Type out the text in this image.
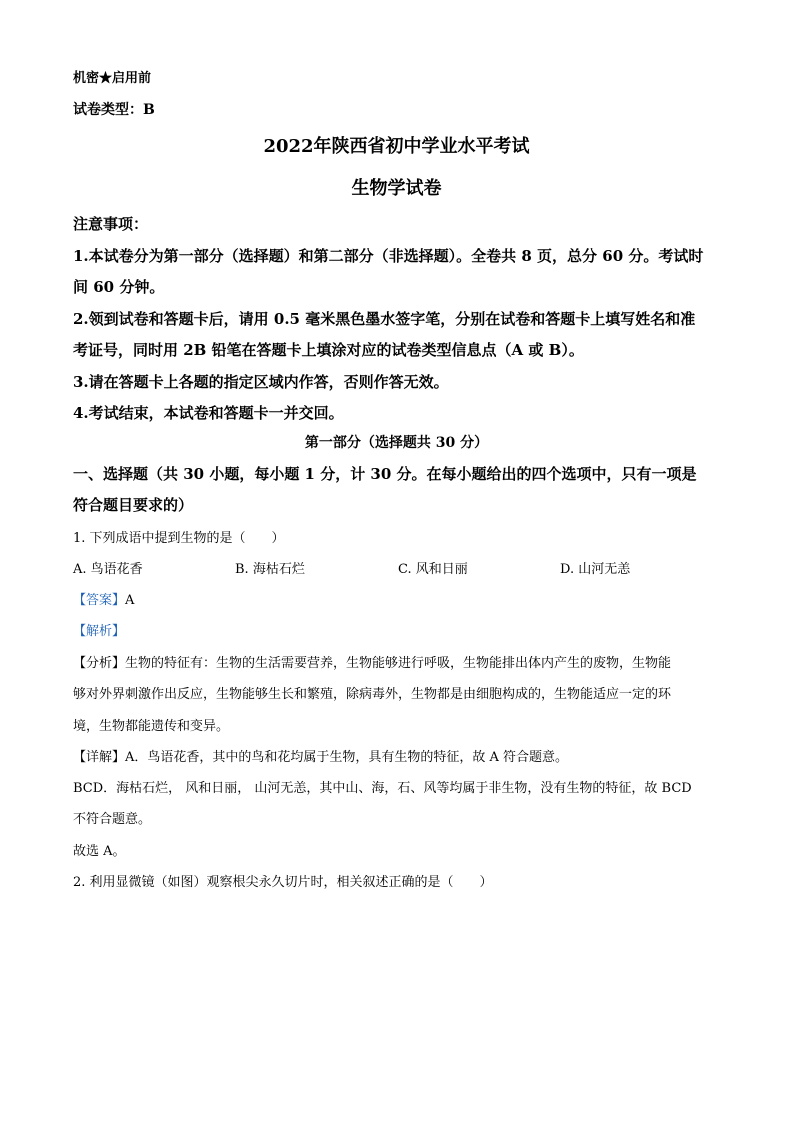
机密★启用前
试卷类型：B
2022年陕西省初中学业水平考试
生物学试卷
注意事项：
1.本试卷分为第一部分（选择题）和第二部分（非选择题）。全卷共 8 页，总分 60 分。考试时
间 60 分钟。
2.领到试卷和答题卡后，请用 0.5 毫米黑色墨水签字笔，分别在试卷和答题卡上填写姓名和准
考证号，同时用 2B 铅笔在答题卡上填涂对应的试卷类型信息点（A 或 B）。
3.请在答题卡上各题的指定区域内作答，否则作答无效。
4.考试结束，本试卷和答题卡一并交回。
第一部分（选择题共 30 分）
一、选择题（共 30 小题，每小题 1 分，计 30 分。在每小题给出的四个选项中，只有一项是
符合题目要求的）
1. 下列成语中提到生物的是（　　）
A. 鸟语花香	B. 海枯石烂	C. 风和日丽	D. 山河无恙
【答案】A
【解析】
【分析】生物的特征有：生物的生活需要营养，生物能够进行呼吸，生物能排出体内产生的废物，生物能
够对外界刺激作出反应，生物能够生长和繁殖，除病毒外，生物都是由细胞构成的，生物能适应一定的环
境，生物都能遗传和变异。
【详解】A．鸟语花香，其中的鸟和花均属于生物，具有生物的特征，故 A 符合题意。
BCD．海枯石烂， 风和日丽， 山河无恙，其中山、海，石、风等均属于非生物，没有生物的特征，故 BCD
不符合题意。
故选 A。
2. 利用显微镜（如图）观察根尖永久切片时，相关叙述正确的是（　　）
